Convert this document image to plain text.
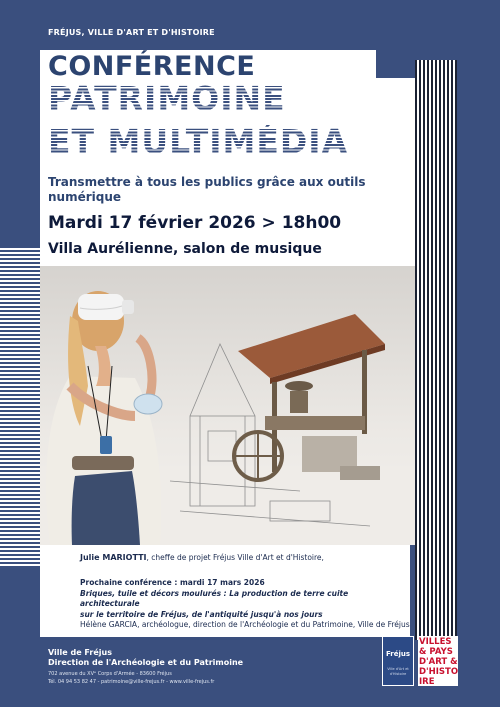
FRÉJUS, VILLE D'ART ET D'HISTOIRE
CONFÉRENCE
PATRIMOINE
ET MULTIMÉDIA
Transmettre à tous les publics grâce aux outils numérique
Mardi 17 février 2026 > 18h00
Villa Aurélienne, salon de musique
Julie MARIOTTI, cheffe de projet Fréjus Ville d'Art et d'Histoire,
Prochaine conférence : mardi 17 mars 2026
Briques, tuile et décors moulurés : La production de terre cuite architecturale
sur le territoire de Fréjus, de l'antiquité jusqu'à nos jours
Hélène GARCIA, archéologue, direction de l'Archéologie et du Patrimoine, Ville de Fréjus
Ville de Fréjus
Direction de l'Archéologie et du Patrimoine
702 avenue du XVᵉ Corps d'Armée - 83600 Fréjus
Tél. 04 94 53 82 47 - patrimoine@ville-frejus.fr - www.ville-frejus.fr
Fréjus
Ville d'Art et d'Histoire
VILLES
& PAYS
D'ART &
D'HISTO
IRE
